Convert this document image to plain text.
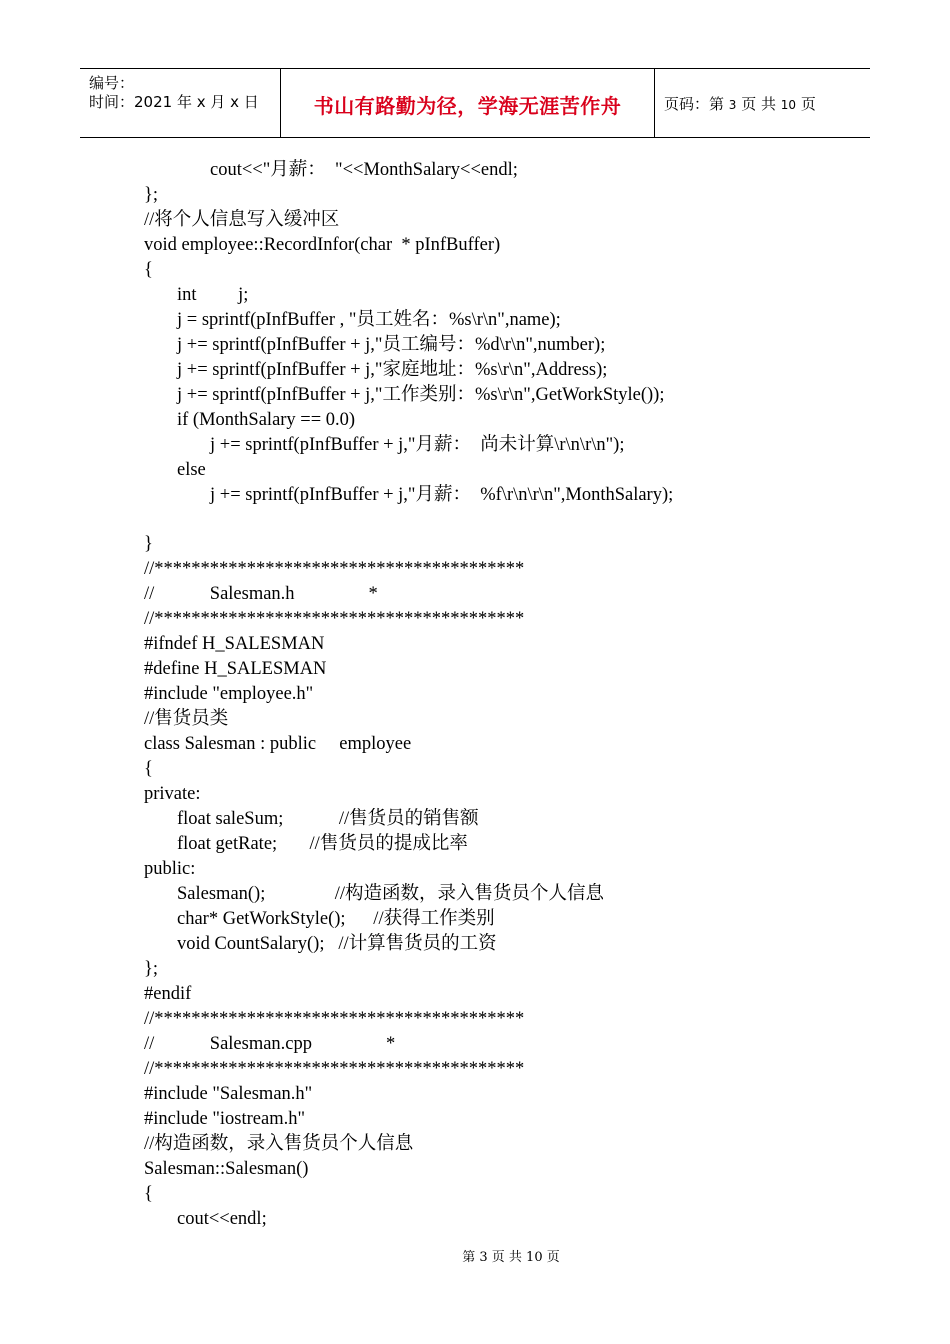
编号：
时间：2021 年 x 月 x 日	书山有路勤为径，学海无涯苦作舟	页码：第 3 页 共 10 页
cout<<"月薪：  "<<MonthSalary<<endl;
};
//将个人信息写入缓冲区
void employee::RecordInfor(char  * pInfBuffer)
{
int         j;
j = sprintf(pInfBuffer , "员工姓名：%s\r\n",name);
j += sprintf(pInfBuffer + j,"员工编号：%d\r\n",number);
j += sprintf(pInfBuffer + j,"家庭地址：%s\r\n",Address);
j += sprintf(pInfBuffer + j,"工作类别：%s\r\n",GetWorkStyle());
if (MonthSalary == 0.0)
j += sprintf(pInfBuffer + j,"月薪：  尚未计算\r\n\r\n");
else
j += sprintf(pInfBuffer + j,"月薪：  %f\r\n\r\n",MonthSalary);
}
//****************************************
//            Salesman.h                *
//****************************************
#ifndef H_SALESMAN
#define H_SALESMAN
#include "employee.h"
//售货员类
class Salesman : public     employee
{
private:
float saleSum;            //售货员的销售额
float getRate;       //售货员的提成比率
public:
Salesman();               //构造函数，录入售货员个人信息
char* GetWorkStyle();      //获得工作类别
void CountSalary();   //计算售货员的工资
};
#endif
//****************************************
//            Salesman.cpp                *
//****************************************
#include "Salesman.h"
#include "iostream.h"
//构造函数，录入售货员个人信息
Salesman::Salesman()
{
cout<<endl;
第 3 页 共 10 页
